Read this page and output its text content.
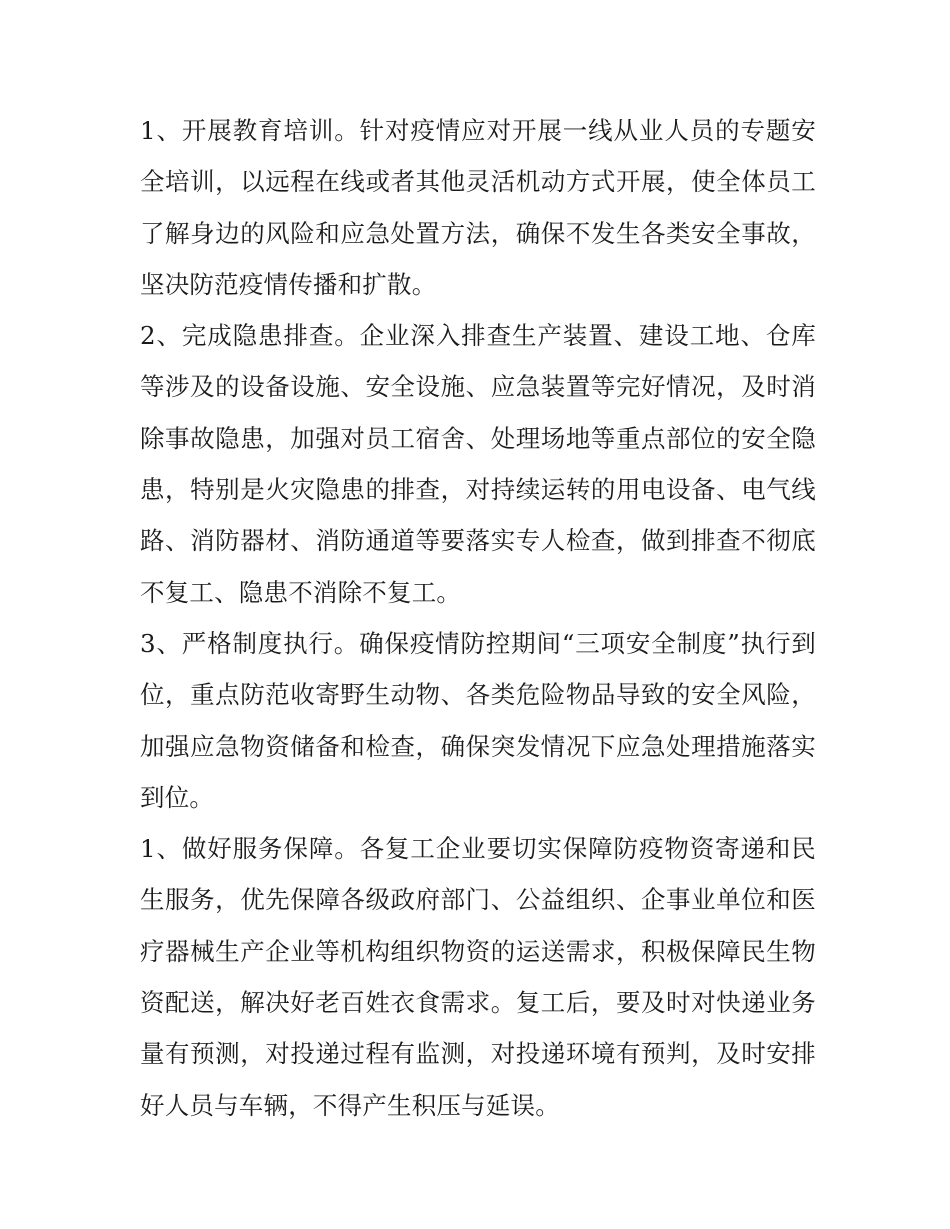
1、开展教育培训。针对疫情应对开展一线从业人员的专题安
全培训，以远程在线或者其他灵活机动方式开展，使全体员工
了解身边的风险和应急处置方法，确保不发生各类安全事故，
坚决防范疫情传播和扩散。
2、完成隐患排查。企业深入排查生产装置、建设工地、仓库
等涉及的设备设施、安全设施、应急装置等完好情况，及时消
除事故隐患，加强对员工宿舍、处理场地等重点部位的安全隐
患，特别是火灾隐患的排查，对持续运转的用电设备、电气线
路、消防器材、消防通道等要落实专人检查，做到排查不彻底
不复工、隐患不消除不复工。
3、严格制度执行。确保疫情防控期间“三项安全制度”执行到
位，重点防范收寄野生动物、各类危险物品导致的安全风险，
加强应急物资储备和检查，确保突发情况下应急处理措施落实
到位。
1、做好服务保障。各复工企业要切实保障防疫物资寄递和民
生服务，优先保障各级政府部门、公益组织、企事业单位和医
疗器械生产企业等机构组织物资的运送需求，积极保障民生物
资配送，解决好老百姓衣食需求。复工后，要及时对快递业务
量有预测，对投递过程有监测，对投递环境有预判，及时安排
好人员与车辆，不得产生积压与延误。
